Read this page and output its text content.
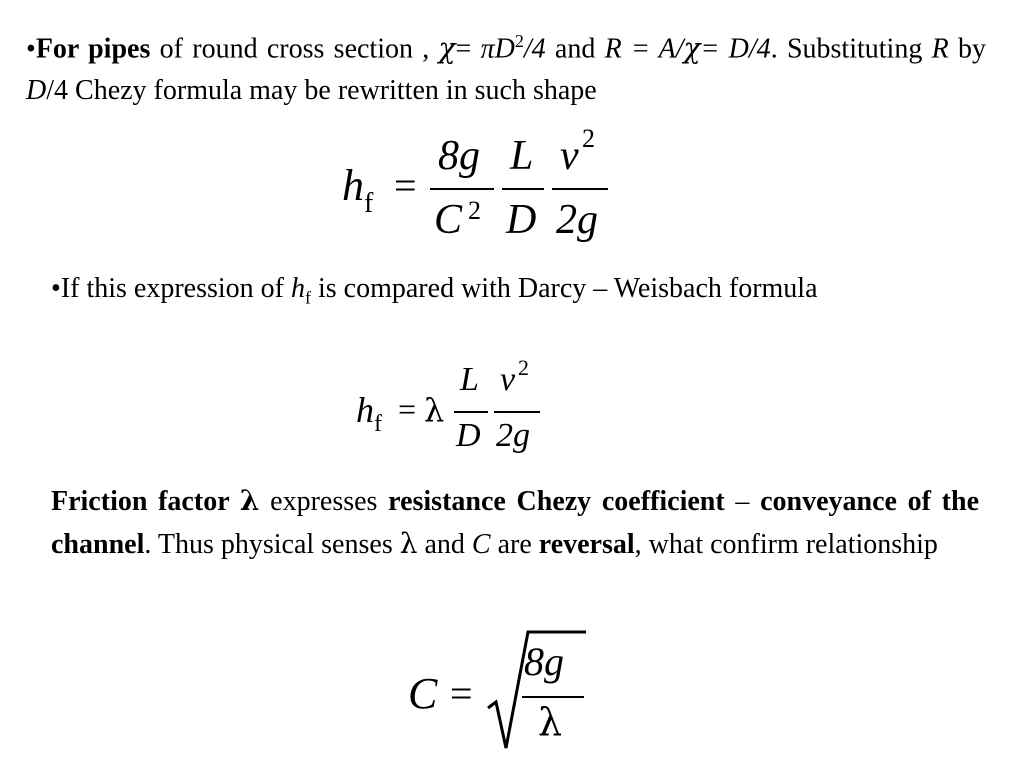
•For pipes of round cross section , $\chi= \pi D^2/4$ and R = A/χ= D/4. Substituting R by D/4 Chezy formula may be rewritten in such shape
h f =
8g
C 2
L
D
v 2
2g
•If this expression of $h_f$ is compared with Darcy – Weisbach formula
h f = λ
L
D
v 2
2g
Friction factor λ expresses resistance Chezy coefficient – conveyance of the channel. Thus physical senses λ and C are reversal, what confirm relationship
C =
8g
λ
